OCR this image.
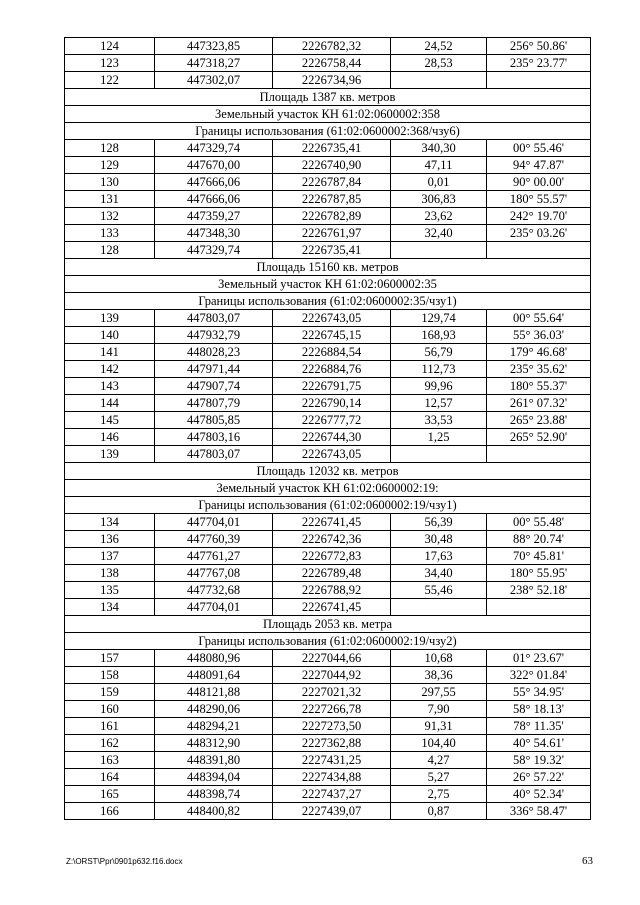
124	447323,85	2226782,32	24,52	256° 50.86'
123	447318,27	2226758,44	28,53	235° 23.77'
122	447302,07	2226734,96		
Площадь 1387 кв. метров				
Земельный участок КН 61:02:0600002:358				
Границы использования (61:02:0600002:368/чзу6)				
128	447329,74	2226735,41	340,30	00° 55.46'
129	447670,00	2226740,90	47,11	94° 47.87'
130	447666,06	2226787,84	0,01	90° 00.00'
131	447666,06	2226787,85	306,83	180° 55.57'
132	447359,27	2226782,89	23,62	242° 19.70'
133	447348,30	2226761,97	32,40	235° 03.26'
128	447329,74	2226735,41		
Площадь 15160 кв. метров				
Земельный участок КН 61:02:0600002:35				
Границы использования (61:02:0600002:35/чзу1)				
139	447803,07	2226743,05	129,74	00° 55.64'
140	447932,79	2226745,15	168,93	55° 36.03'
141	448028,23	2226884,54	56,79	179° 46.68'
142	447971,44	2226884,76	112,73	235° 35.62'
143	447907,74	2226791,75	99,96	180° 55.37'
144	447807,79	2226790,14	12,57	261° 07.32'
145	447805,85	2226777,72	33,53	265° 23.88'
146	447803,16	2226744,30	1,25	265° 52.90'
139	447803,07	2226743,05		
Площадь 12032 кв. метров				
Земельный участок КН 61:02:0600002:19:				
Границы использования (61:02:0600002:19/чзу1)				
134	447704,01	2226741,45	56,39	00° 55.48'
136	447760,39	2226742,36	30,48	88° 20.74'
137	447761,27	2226772,83	17,63	70° 45.81'
138	447767,08	2226789,48	34,40	180° 55.95'
135	447732,68	2226788,92	55,46	238° 52.18'
134	447704,01	2226741,45		
Площадь 2053 кв. метра				
Границы использования (61:02:0600002:19/чзу2)				
157	448080,96	2227044,66	10,68	01° 23.67'
158	448091,64	2227044,92	38,36	322° 01.84'
159	448121,88	2227021,32	297,55	55° 34.95'
160	448290,06	2227266,78	7,90	58° 18.13'
161	448294,21	2227273,50	91,31	78° 11.35'
162	448312,90	2227362,88	104,40	40° 54.61'
163	448391,80	2227431,25	4,27	58° 19.32'
164	448394,04	2227434,88	5,27	26° 57.22'
165	448398,74	2227437,27	2,75	40° 52.34'
166	448400,82	2227439,07	0,87	336° 58.47'
Z:\ORST\Ppr\0901p632.f16.docx	63
